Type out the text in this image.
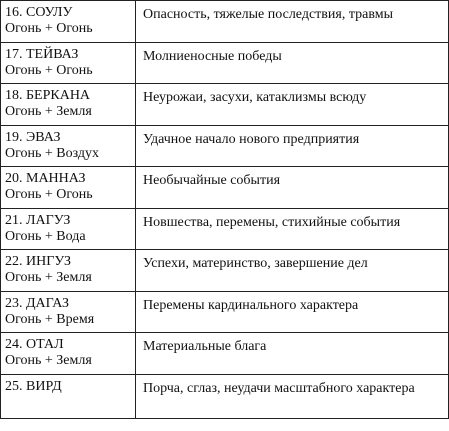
16. СОУЛУ
Огонь + Огонь
Опасность, тяжелые последствия, травмы
17. ТЕЙВАЗ
Огонь + Огонь
Молниеносные победы
18. БЕРКАНА
Огонь + Земля
Неурожаи, засухи, катаклизмы всюду
19. ЭВАЗ
Огонь + Воздух
Удачное начало нового предприятия
20. МАННАЗ
Огонь + Огонь
Необычайные события
21. ЛАГУЗ
Огонь + Вода
Новшества, перемены, стихийные события
22. ИНГУЗ
Огонь + Земля
Успехи, материнство, завершение дел
23. ДАГАЗ
Огонь + Время
Перемены кардинального характера
24. ОТАЛ
Огонь + Земля
Материальные блага
25. ВИРД	Порча, сглаз, неудачи масштабного характера
